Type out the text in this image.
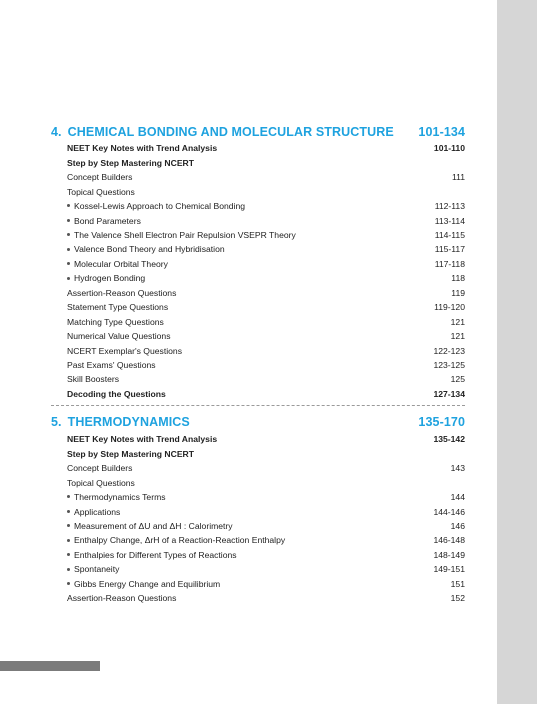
4. CHEMICAL BONDING AND MOLECULAR STRUCTURE 101-134
NEET Key Notes with Trend Analysis	101-110
Step by Step Mastering NCERT
Concept Builders	111
Topical Questions
Kossel-Lewis Approach to Chemical Bonding	112-113
Bond Parameters	113-114
The Valence Shell Electron Pair Repulsion VSEPR Theory	114-115
Valence Bond Theory and Hybridisation	115-117
Molecular Orbital Theory	117-118
Hydrogen Bonding	118
Assertion-Reason Questions	119
Statement Type Questions	119-120
Matching Type Questions	121
Numerical Value Questions	121
NCERT Exemplar's Questions	122-123
Past Exams' Questions	123-125
Skill Boosters	125
Decoding the Questions	127-134
5. THERMODYNAMICS	135-170
NEET Key Notes with Trend Analysis	135-142
Step by Step Mastering NCERT
Concept Builders	143
Topical Questions
Thermodynamics Terms	144
Applications	144-146
Measurement of ΔU and ΔH : Calorimetry	146
Enthalpy Change, ΔrH of a Reaction-Reaction Enthalpy	146-148
Enthalpies for Different Types of Reactions	148-149
Spontaneity	149-151
Gibbs Energy Change and Equilibrium	151
Assertion-Reason Questions	152
